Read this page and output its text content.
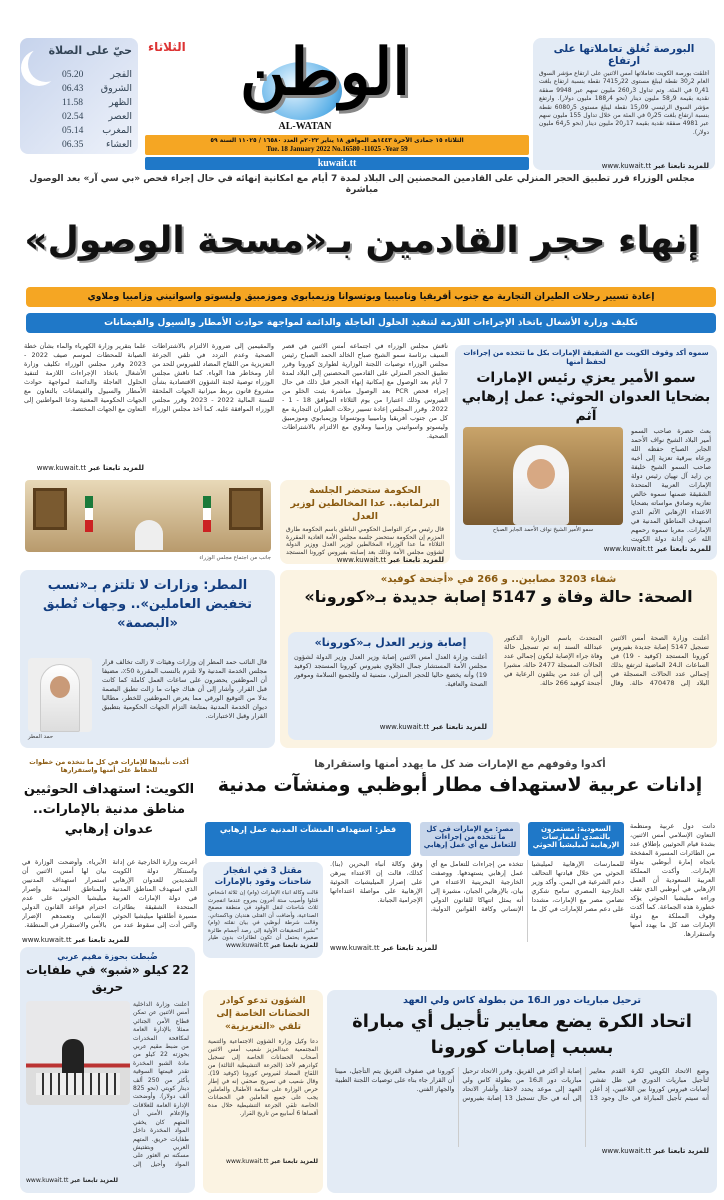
حيّ على الصلاة
الفجر
05.20
الشروق
06.43
الظهر
11.58
العصر
02.54
المغرب
05.14
العشاء
06.35
الثلاثاء الوطن
AL-WATAN
الثلاثاء ١٥ جمادى الآخرة ١٤٤٣هـ الموافق ١٨ يناير ٢٠٢٢م العدد ١٦٥٨٠ / ١١٠٢٥ السنة ٥٩
Tue. 18 January 2022 No.16580 -11025 -Year 59
kuwait.tt
البورصة تُغلق تعاملاتها على ارتفاع
أغلقت بورصة الكويت تعاملاتها أمس الاثنين على ارتفاع مؤشر السوق العام 2ر30 نقطة ليبلغ مستوى 22ر7415 نقطة بنسبة ارتفاع بلغت 41ر0 في المئة. وتم تداول 3ر260 مليون سهم عبر 9948 صفقة نقدية بقيمة 9ر58 مليون دينار (نحو 4ر188 مليون دولار). وارتفع مؤشر السوق الرئيسي 09ر15 نقطة ليبلغ مستوى 5ر6080 نقطة بنسبة ارتفاع بلغت 25ر0 في المئة من خلال تداول 155 مليون سهم عبر 4981 صفقة نقدية بقيمة 17ر20 مليون دينار (نحو 5ر64 مليون دولار).
للمزيد تابعنا عبر www.kuwait.tt
مجلس الوزراء قرر تطبيق الحجر المنزلي على القادمين المحصنين إلى البلاد لمدة 7 أيام مع امكانية إنهائه في حال إجراء فحص «بي سي آر» بعد الوصول مباشرة
إنهاء حجر القادمين بـ«مسحة الوصول»
إعادة تسيير رحلات الطيران التجارية مع جنوب أفريقيا وناميبيا وبوتسوانا وزيمبابوي وموزمبيق وليسوتو واسواتيني وزامبيا وملاوي
تكليف وزارة الأشغال باتخاذ الإجراءات اللازمة لتنفيذ الحلول العاجلة والدائمة لمواجهة حوادث الأمطار والسيول والفيضانات
سموه أكد وقوف الكويت مع الشقيقة الإمارات بكل ما تتخذه من إجراءات لحفظ أمنها
سمو الأمير يعزي رئيس الإمارات بضحايا العدوان الحوثي: عمل إرهابي آثم
سمو الأمير الشيخ نواف الأحمد الجابر الصباح
بعث حضرة صاحب السمو أمير البلاد الشيخ نواف الأحمد الجابر الصباح حفظه الله ورعاه ببرقية تعزية إلى أخيه صاحب السمو الشيخ خليفة بن زايد آل نهيان رئيس دولة الإمارات العربية المتحدة الشقيقة ضمنها سموه خالص تعازيه وصادق مواساته بضحايا الاعتداء الإرهابي الآثم الذي استهدف المناطق المدنية في الإمارات. معربا سموه رحمهم الله عن إدانة دولة الكويت
للمزيد تابعنا عبر www.kuwait.tt
ناقش مجلس الوزراء في اجتماعه أمس الاثنين في قصر السيف برئاسة سمو الشيخ صباح الخالد الحمد الصباح رئيس مجلس الوزراء توصيات اللجنة الوزارية لطوارئ كورونا وقرر تطبيق الحجر المنزلي على القادمين المحصنين إلى البلاد لمدة 7 أيام بعد الوصول مع إمكانية إنهاء الحجر قبل ذلك في حال إجراء فحص PCR بعد الوصول مباشرة يثبت الخلو من الفيروس وذلك اعتبارا من يوم الثلاثاء الموافق 18 - 1 - 2022. وقرر المجلس إعادة تسيير رحلات الطيران التجارية مع كل من جنوب أفريقيا وناميبيا وبوتسوانا وزيمبابوي وموزمبيق وليسوتو واسواتيني وزامبيا وملاوي مع الالتزام بالاشتراطات الصحية.
والمقيمين إلى ضرورة الالتزام بالاشتراطات الصحية وعدم التردد في تلقي الجرعة التعزيزية من اللقاح المضاد للفيروس للحد من آثار ومخاطر هذا الوباء. كما ناقش مجلس الوزراء توصية لجنة الشؤون الاقتصادية بشأن مشروع قانون بربط ميزانية الجهات الملحقة للسنة المالية 2022 - 2023 وقرر مجلس الوزراء الموافقة عليه. كما أخذ مجلس الوزراء علما بتقرير وزارة الكهرباء والماء بشأن خطة الصيانة للمحطات لموسم صيف 2022 - 2023 وقرر مجلس الوزراء تكليف وزارة الأشغال باتخاذ الإجراءات اللازمة لتنفيذ الحلول العاجلة والدائمة لمواجهة حوادث الأمطار والسيول والفيضانات بالتعاون مع الجهات الحكومية المعنية ودعا المواطنين إلى التعاون مع الجهات المختصة.
للمزيد تابعنا عبر www.kuwait.tt
جانب من اجتماع مجلس الوزراء
الحكومة ستحضر الجلسة البرلمانية.. عدا المخالطين لوزير العدل
قال رئيس مركز التواصل الحكومي الناطق باسم الحكومة طارق المزرم إن الحكومة ستحضر جلسة مجلس الأمة العادية المقررة الثلاثاء ما عدا الوزراء المخالطين لوزير العدل ووزير الدولة لشؤون مجلس الأمة وذلك بعد إصابته بفيروس كورونا المستجد
للمزيد تابعنا عبر www.kuwait.tt
شفاء 3203 مصابين.. و 266 في «أجنحة كوفيد»
الصحة: حالة وفاة و 5147 إصابة جديدة بـ«كورونا»
أعلنت وزارة الصحة أمس الاثنين تسجيل 5147 إصابة جديدة بفيروس كورونا المستجد (كوفيد - 19) في الساعات الـ24 الماضية لترتفع بذلك إجمالي عدد الحالات المسجلة في البلاد إلى 470478 حالة. وقال المتحدث باسم الوزارة الدكتور عبدالله السند إنه تم تسجيل حالة وفاة جراء الإصابة ليكون إجمالي عدد الحالات المسجلة 2477 حالة، مشيرا إلى أن عدد من يتلقون الرعاية في أجنحة كوفيد 266 حالة.
إصابة وزير العدل بـ«كورونا»
أعلنت وزارة العدل أمس الاثنين إصابة وزير العدل وزير الدولة لشؤون مجلس الأمة المستشار جمال الجلاوي بفيروس كورونا المستجد (كوفيد 19) وأنه يخضع حاليا للحجر المنزلي، متمنية له وللجميع السلامة وموفور الصحة والعافية.
للمزيد تابعنا عبر www.kuwait.tt
المطر: وزارات لا تلتزم بـ«نسب تخفيض العاملين».. وجهات تُطبق «البصمة»
حمد المطر
قال النائب حمد المطر إن وزارات وهيئات لا زالت تخالف قرار مجلس الخدمة المدنية ولا تلتزم بالنسب المقررة 50٪، مضيفا أن الموظفين يحضرون على ساعات العمل كاملة كما كانت قبل القرار. وأشار إلى أن هناك جهات ما زالت تطبق البصمة بدلا من التوقيع الورقي مما يعرض الموظفين للخطر، مطالبا ديوان الخدمة المدنية بمتابعة التزام الجهات الحكومية بتطبيق القرار وقبل الاختبارات.
أكدوا وقوفهم مع الإمارات ضد كل ما يهدد أمنها واستقرارها
إدانات عربية لاستهداف مطار أبوظبي ومنشآت مدنية
دانت دول عربية ومنظمة التعاون الإسلامي أمس الاثنين، بشدة قيام الحوثيين بإطلاق عدد من الطائرات المسيرة المفخخة باتجاه إمارة أبوظبي بدولة الإمارات. وأكدت المملكة العربية السعودية أن العمل الإرهابي في أبوظبي الذي تقف وراءه ميليشيا الحوثي يؤكد خطورة هذه الجماعة. كما أكدت وقوف المملكة مع دولة الإمارات ضد كل ما يهدد أمنها واستقرارها.
السعودية: مستمرون بالتصدي للممارسات الإرهابية لميليشيا الحوثي
مصر: مع الإمارات في كل ما تتخذه من إجراءات للتعامل مع أي عمل إرهابي
قطر: استهداف المنشآت المدنية عمل إرهابي
للممارسات الإرهابية لميليشيا الحوثي من خلال قيادتها التحالف دعم الشرعية في اليمن. وأكد وزير الخارجية المصري سامح شكري تضامن مصر مع الإمارات، مشددا على دعم مصر للإمارات في كل ما تتخذه من إجراءات للتعامل مع أي عمل إرهابي يستهدفها. ووصفت الخارجية البحرينية الاعتداء في بيان، بالإرهابي الجبان، مشيرة إلى أنه يمثل انتهاكا للقانون الدولي الإنساني وكافة القوانين الدولية، وفق وكالة أنباء البحرين (بنا). كذلك، قالت إن الاعتداء يبرهن على إصرار الميليشيات الحوثية الإرهابية على مواصلة اعتداءاتها الإجرامية الجبانة.
للمزيد تابعنا عبر www.kuwait.tt
مقتل 3 في انفجار شاحنات وقود بالإمارات
قالت وكالة أنباء الإمارات (وام) إن ثلاثة أشخاص قتلوا وأصيب ستة آخرون بجروح عندما انفجرت ثلاث شاحنات لنقل الوقود في منطقة مصفح الصناعية، وأضافت أن القتلى هنديان وباكستاني. وقالت شرطة أبوظبي في بيان نقلته (وام) "تشير التحقيقات الأولية إلى رصد أجسام طائرة صغيرة يحتمل أن تكون لطائرات بدون طيار
للمزيد تابعنا عبر www.kuwait.tt
أكدت تأييدها للإمارات في كل ما تتخذه من خطوات للحفاظ على أمنها واستقرارها
الكويت: استهداف الحوثيين مناطق مدنية بالإمارات.. عدوان إرهابي
أعربت وزارة الخارجية عن إدانة واستنكار دولة الكويت الشديدين للعدوان الإرهابي الذي استهدف المناطق المدنية في دولة الإمارات العربية المتحدة الشقيقة بطائرات مسيرة أطلقتها ميليشيا الحوثي والتي أدت إلى سقوط عدد من الأبرياء. وأوضحت الوزارة في بيان لها أمس الاثنين أن استمرار استهداف المدنيين والمناطق المدنية وإصرار ميليشيا الحوثي على عدم احترام قواعد القانون الدولي الإنساني وتعمدهم الإضرار بالأمن والاستقرار في المنطقة.
للمزيد تابعنا عبر www.kuwait.tt
ضُبطت بحوزة مقيم عربي
22 كيلو «شبو» في طفايات حريق
أعلنت وزارة الداخلية أمس الاثنين عن تمكن قطاع الأمن الجنائي ممثلا بالإدارة العامة لمكافحة المخدرات من ضبط مقيم عربي بحوزته 22 كيلو من مادة الشبو المخدرة تقدر قيمتها السوقية بأكثر من 250 ألف دينار كويتي (نحو 825 ألف دولار). وأوضحت الإدارة العامة للعلاقات والإعلام الأمني أن المتهم كان يخفي المواد المخدرة داخل طفايات حريق. المتهم العربي وبتفتيش مسكنه تم العثور على المواد وأحيل إلى
للمزيد تابعنا عبر www.kuwait.tt
الشؤون تدعو كوادر الحضانات الخاصة إلى تلقي «التعزيزية»
دعا وكيل وزارة الشؤون الاجتماعية والتنمية المجتمعية عبدالعزيز شعيب أمس الاثنين أصحاب الحضانات الخاصة إلى تسجيل كوادرهم لأخذ (الجرعة التنشيطية الثالثة) من اللقاح المضاد لفيروس كورونا (كوفيد 19). وقال شعيب في تصريح صحفي إنه في إطار حرص الوزارة على سلامة الأطفال والعاملين يجب على جميع العاملين في الحضانات الخاصة تلقي الجرعة التنشيطية خلال مدة أقصاها 6 أسابيع من تاريخ القرار.
للمزيد تابعنا عبر www.kuwait.tt
ترحيل مباريات دور الـ16 من بطولة كاس ولي العهد
اتحاد الكرة يضع معايير تأجيل أي مباراة بسبب إصابات كورونا
وضع الاتحاد الكويتي لكرة القدم معايير لتأجيل مباريات الدوري في ظل تفشي إصابات فيروس كورونا بين اللاعبين، إذ أعلن أنه سيتم تأجيل المباراة في حال وجود 13 إصابة أو أكثر في الفريق. وقرر الاتحاد ترحيل مباريات دور الـ16 من بطولة كاس ولي العهد إلى موعد يحدد لاحقا. وأشار الاتحاد إلى أنه في حال تسجيل 13 إصابة بفيروس كورونا في صفوف الفريق يتم التأجيل، مبينا أن القرار جاء بناء على توصيات اللجنة الطبية والجهاز الفني.
للمزيد تابعنا عبر www.kuwait.tt
